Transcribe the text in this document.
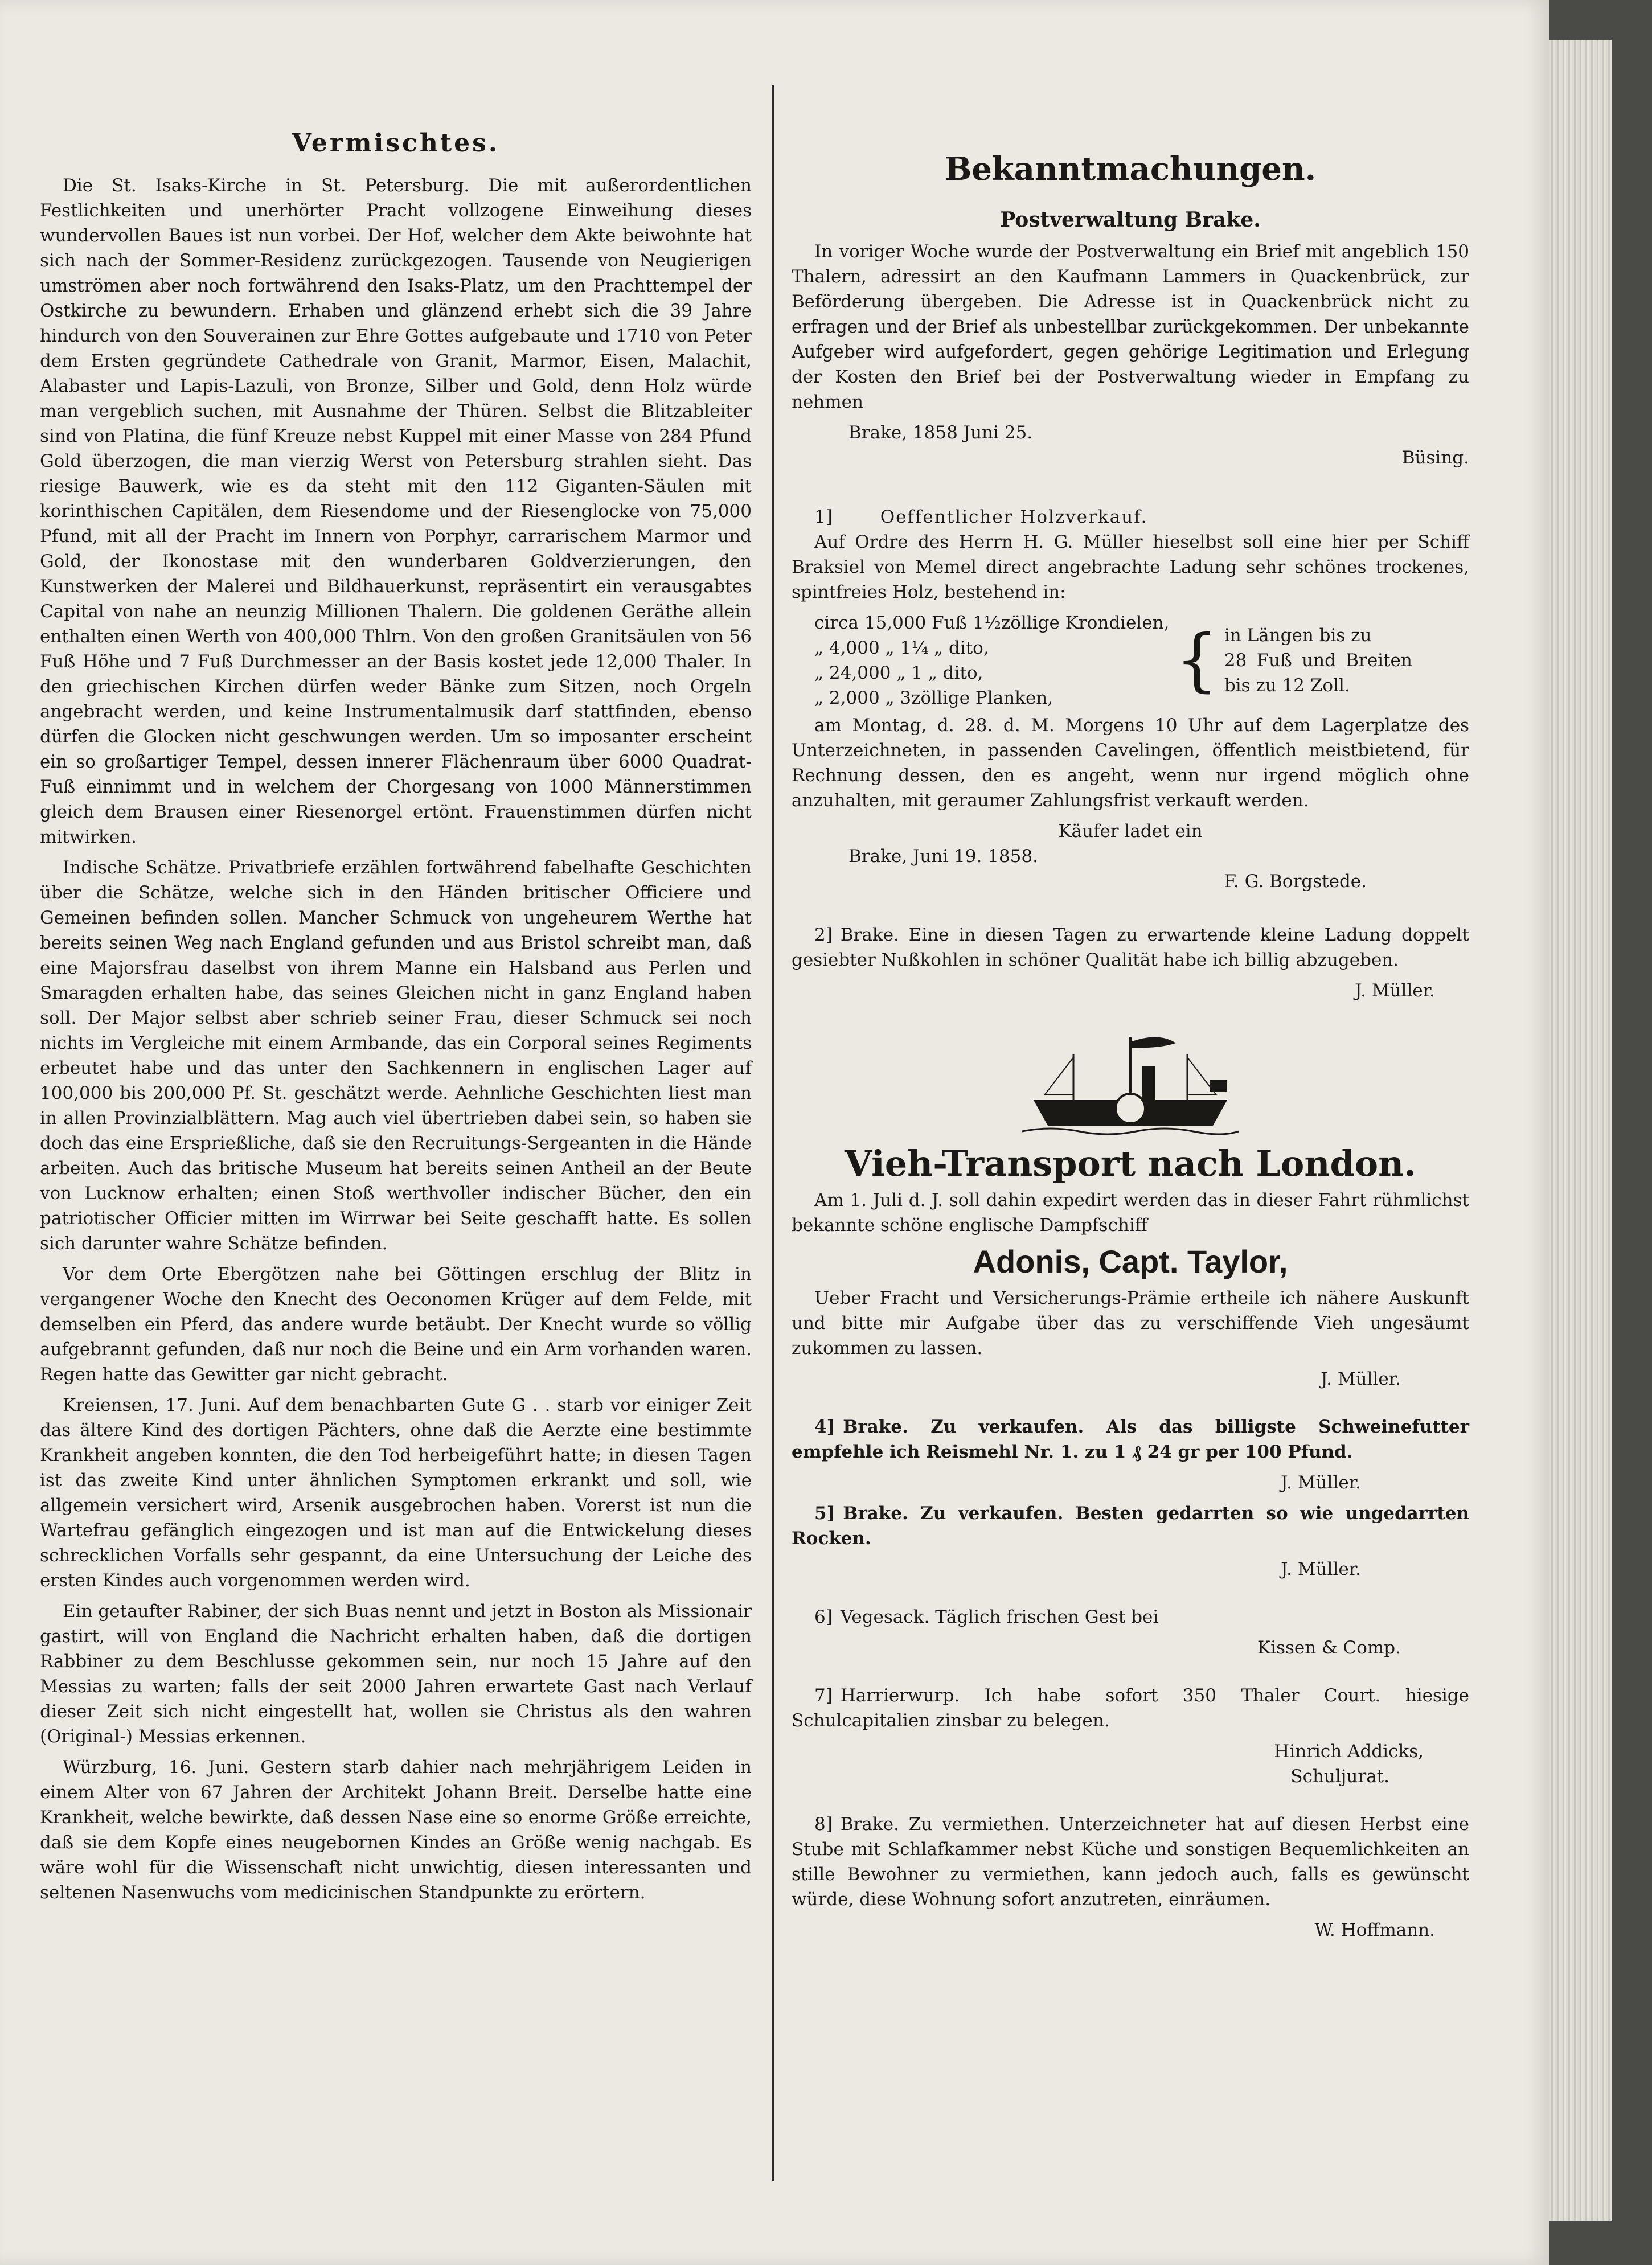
Vermischtes.

Die St. Isaks-Kirche in St. Petersburg. Die mit außerordentlichen Festlichkeiten und unerhörter Pracht vollzogene Einweihung dieses wundervollen Baues ist nun vorbei. Der Hof, welcher dem Akte beiwohnte hat sich nach der Sommer-Residenz zurückgezogen. Tausende von Neugierigen umströmen aber noch fortwährend den Isaks-Platz, um den Prachttempel der Ostkirche zu bewundern. Erhaben und glänzend erhebt sich die 39 Jahre hindurch von den Souverainen zur Ehre Gottes aufgebaute und 1710 von Peter dem Ersten gegründete Cathedrale von Granit, Marmor, Eisen, Malachit, Alabaster und Lapis-Lazuli, von Bronze, Silber und Gold, denn Holz würde man vergeblich suchen, mit Ausnahme der Thüren. Selbst die Blitzableiter sind von Platina, die fünf Kreuze nebst Kuppel mit einer Masse von 284 Pfund Gold überzogen, die man vierzig Werst von Petersburg strahlen sieht. Das riesige Bauwerk, wie es da steht mit den 112 Giganten-Säulen mit korinthischen Capitälen, dem Riesendome und der Riesenglocke von 75,000 Pfund, mit all der Pracht im Innern von Porphyr, carrarischem Marmor und Gold, der Ikonostase mit den wunderbaren Goldverzierungen, den Kunstwerken der Malerei und Bildhauerkunst, repräsentirt ein verausgabtes Capital von nahe an neunzig Millionen Thalern. Die goldenen Geräthe allein enthalten einen Werth von 400,000 Thlrn. Von den großen Granitsäulen von 56 Fuß Höhe und 7 Fuß Durchmesser an der Basis kostet jede 12,000 Thaler. In den griechischen Kirchen dürfen weder Bänke zum Sitzen, noch Orgeln angebracht werden, und keine Instrumentalmusik darf stattfinden, ebenso dürfen die Glocken nicht geschwungen werden. Um so imposanter erscheint ein so großartiger Tempel, dessen innerer Flächenraum über 6000 Quadrat-Fuß einnimmt und in welchem der Chorgesang von 1000 Männerstimmen gleich dem Brausen einer Riesenorgel ertönt. Frauenstimmen dürfen nicht mitwirken.

Indische Schätze. Privatbriefe erzählen fortwährend fabelhafte Geschichten über die Schätze, welche sich in den Händen britischer Officiere und Gemeinen befinden sollen. Mancher Schmuck von ungeheurem Werthe hat bereits seinen Weg nach England gefunden und aus Bristol schreibt man, daß eine Majorsfrau daselbst von ihrem Manne ein Halsband aus Perlen und Smaragden erhalten habe, das seines Gleichen nicht in ganz England haben soll. Der Major selbst aber schrieb seiner Frau, dieser Schmuck sei noch nichts im Vergleiche mit einem Armbande, das ein Corporal seines Regiments erbeutet habe und das unter den Sachkennern in englischen Lager auf 100,000 bis 200,000 Pf. St. geschätzt werde. Aehnliche Geschichten liest man in allen Provinzialblättern. Mag auch viel übertrieben dabei sein, so haben sie doch das eine Ersprießliche, daß sie den Recruitungs-Sergeanten in die Hände arbeiten. Auch das britische Museum hat bereits seinen Antheil an der Beute von Lucknow erhalten; einen Stoß werthvoller indischer Bücher, den ein patriotischer Officier mitten im Wirrwar bei Seite geschafft hatte. Es sollen sich darunter wahre Schätze befinden.

Vor dem Orte Ebergötzen nahe bei Göttingen erschlug der Blitz in vergangener Woche den Knecht des Oeconomen Krüger auf dem Felde, mit demselben ein Pferd, das andere wurde betäubt. Der Knecht wurde so völlig aufgebrannt gefunden, daß nur noch die Beine und ein Arm vorhanden waren. Regen hatte das Gewitter gar nicht gebracht.

Kreiensen, 17. Juni. Auf dem benachbarten Gute G . . starb vor einiger Zeit das ältere Kind des dortigen Pächters, ohne daß die Aerzte eine bestimmte Krankheit angeben konnten, die den Tod herbeigeführt hatte; in diesen Tagen ist das zweite Kind unter ähnlichen Symptomen erkrankt und soll, wie allgemein versichert wird, Arsenik ausgebrochen haben. Vorerst ist nun die Wartefrau gefänglich eingezogen und ist man auf die Entwickelung dieses schrecklichen Vorfalls sehr gespannt, da eine Untersuchung der Leiche des ersten Kindes auch vorgenommen werden wird.

Ein getaufter Rabiner, der sich Buas nennt und jetzt in Boston als Missionair gastirt, will von England die Nachricht erhalten haben, daß die dortigen Rabbiner zu dem Beschlusse gekommen sein, nur noch 15 Jahre auf den Messias zu warten; falls der seit 2000 Jahren erwartete Gast nach Verlauf dieser Zeit sich nicht eingestellt hat, wollen sie Christus als den wahren (Original-) Messias erkennen.

Würzburg, 16. Juni. Gestern starb dahier nach mehrjährigem Leiden in einem Alter von 67 Jahren der Architekt Johann Breit. Derselbe hatte eine Krankheit, welche bewirkte, daß dessen Nase eine so enorme Größe erreichte, daß sie dem Kopfe eines neugebornen Kindes an Größe wenig nachgab. Es wäre wohl für die Wissenschaft nicht unwichtig, diesen interessanten und seltenen Nasenwuchs vom medicinischen Standpunkte zu erörtern.

Bekanntmachungen.
Postverwaltung Brake.

In voriger Woche wurde der Postverwaltung ein Brief mit angeblich 150 Thalern, adressirt an den Kaufmann Lammers in Quackenbrück, zur Beförderung übergeben. Die Adresse ist in Quackenbrück nicht zu erfragen und der Brief als unbestellbar zurückgekommen. Der unbekannte Aufgeber wird aufgefordert, gegen gehörige Legitimation und Erlegung der Kosten den Brief bei der Postverwaltung wieder in Empfang zu nehmen

Brake, 1858 Juni 25.
Büsing.
1]	Oeffentlicher Holzverkauf.

Auf Ordre des Herrn H. G. Müller hieselbst soll eine hier per Schiff Braksiel von Memel direct angebrachte Ladung sehr schönes trockenes, spintfreies Holz, bestehend in:

circa 15,000 Fuß 1½zöllige Krondielen,
„ 4,000 „ 1¼ „ dito,
„ 24,000 „ 1 „ dito,
„ 2,000 „ 3zöllige Planken,	{ in Längen bis zu
28 Fuß und Breiten bis zu 12 Zoll.

am Montag, d. 28. d. M. Morgens 10 Uhr auf dem Lagerplatze des Unterzeichneten, in passenden Cavelingen, öffentlich meistbietend, für Rechnung dessen, den es angeht, wenn nur irgend möglich ohne anzuhalten, mit geraumer Zahlungsfrist verkauft werden.

Käufer ladet ein
Brake, Juni 19. 1858.
F. G. Borgstede.

2] Brake. Eine in diesen Tagen zu erwartende kleine Ladung doppelt gesiebter Nußkohlen in schöner Qualität habe ich billig abzugeben.

J. Müller.
Vieh-Transport nach London.

Am 1. Juli d. J. soll dahin expedirt werden das in dieser Fahrt rühmlichst bekannte schöne englische Dampfschiff

Adonis, Capt. Taylor,

Ueber Fracht und Versicherungs-Prämie ertheile ich nähere Auskunft und bitte mir Aufgabe über das zu verschiffende Vieh ungesäumt zukommen zu lassen.

J. Müller.

4] Brake. Zu verkaufen. Als das billigste Schweinefutter empfehle ich Reismehl Nr. 1. zu 1 ₰ 24 gr per 100 Pfund.

J. Müller.

5] Brake. Zu verkaufen. Besten gedarrten so wie ungedarrten Rocken.

J. Müller.

6] Vegesack. Täglich frischen Gest bei

Kissen & Comp.

7] Harrierwurp. Ich habe sofort 350 Thaler Court. hiesige Schulcapitalien zinsbar zu belegen.

Hinrich Addicks,
Schuljurat.

8] Brake. Zu vermiethen. Unterzeichneter hat auf diesen Herbst eine Stube mit Schlafkammer nebst Küche und sonstigen Bequemlichkeiten an stille Bewohner zu vermiethen, kann jedoch auch, falls es gewünscht würde, diese Wohnung sofort anzutreten, einräumen.

W. Hoffmann.
